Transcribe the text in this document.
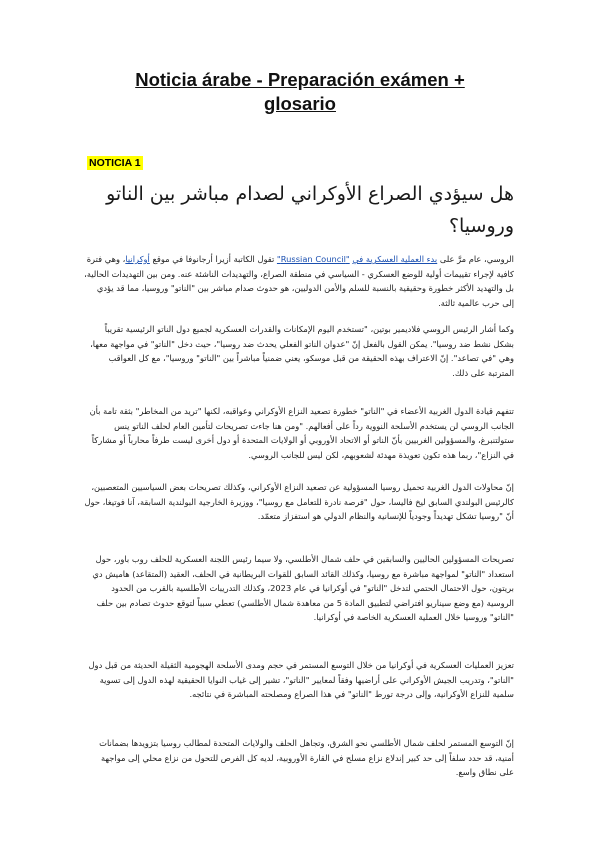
Noticia árabe - Preparación exámen +
glosario
NOTICIA 1
هل سيؤدي الصراع الأوكراني لصدام مباشر بين الناتو وروسيا؟

الروسي، عام مرَّ على بدء العملية العسكرية في "Russian Council" تقول الكاتبة أزيرا أرجانوفا في موقع أوكرانيا، وهي فترة كافية لإجراء تقييمات أولية للوضع العسكري - السياسي في منطقة الصراع، والتهديدات الناشئة عنه. ومن بين التهديدات الحالية، بل والتهديد الأكثر خطورة وحقيقية بالنسبة للسلم والأمن الدوليين، هو حدوث صدام مباشر بين "الناتو" وروسيا، مما قد يؤدي إلى حرب عالمية ثالثة.

وكما أشار الرئيس الروسي فلاديمير بوتين، "تستخدم اليوم الإمكانات والقدرات العسكرية لجميع دول الناتو الرئيسية تقريباً بشكل نشط ضد روسيا". يمكن القول بالفعل إنّ "عدوان الناتو الفعلي يحدث ضد روسيا"، حيث دخل "الناتو" في مواجهة معها، وهي "في تصاعد". إنّ الاعتراف بهذه الحقيقة من قبل موسكو، يعني ضمنياً مباشراً بين "الناتو" وروسيا"، مع كل العواقب المترتبة على ذلك.

تتفهم قيادة الدول الغربية الأعضاء في "الناتو" خطورة تصعيد النزاع الأوكراني وعواقبه، لكنها "تريد من المخاطر" بثقة تامة بأن الجانب الروسي لن يستخدم الأسلحة النووية رداً على أفعالهم. "ومن هنا جاءت تصريحات لتأمين العام لحلف الناتو ينس ستولتنبرغ، والمسؤولين الغربيين بأنّ الناتو أو الاتحاد الأوروبي أو الولايات المتحدة أو دول أخرى ليست طرفاً محارباً أو مشاركاً في النزاع"، ربما هذه تكون تعويذة مهدئة لشعوبهم، لكن ليس للجانب الروسي.

إنّ محاولات الدول الغربية تحميل روسيا المسؤولية عن تصعيد النزاع الأوكراني، وكذلك تصريحات بعض السياسيين المتعصبين، كالرئيس البولندي السابق ليخ فاليسا، حول "فرصة نادرة للتعامل مع روسيا"، ووزيرة الخارجية البولندية السابقة، آنا فوتيغا، حول أنّ "روسيا تشكل تهديداً وجودياً للإنسانية والنظام الدولي هو استفزاز متعمّد.

تصريحات المسؤولين الحاليين والسابقين في حلف شمال الأطلسي، ولا سيما رئيس اللجنة العسكرية للحلف روب باور، حول استعداد "الناتو" لمواجهة مباشرة مع روسيا، وكذلك القائد السابق للقوات البريطانية في الحلف، العقيد (المتقاعد) هاميش دي بريتون، حول الاحتمال الحتمي لتدخل "الناتو" في أوكرانيا في عام 2023، وكذلك التدريبات الأطلسية بالقرب من الحدود الروسية (مع وضع سيناريو افتراضي لتطبيق المادة 5 من معاهدة شمال الأطلسي) تعطي سبباً لتوقع حدوث تصادم بين حلف "الناتو" وروسيا خلال العملية العسكرية الخاصة في أوكرانيا.

تعزيز العمليات العسكرية في أوكرانيا من خلال التوسع المستمر في حجم ومدى الأسلحة الهجومية الثقيلة الحديثة من قبل دول "الناتو"، وتدريب الجيش الأوكراني على أراضيها وفقاً لمعايير "الناتو"، تشير إلى غياب النوايا الحقيقية لهذه الدول إلى تسوية سلمية للنزاع الأوكرانية، وإلى درجة تورط "الناتو" في هذا الصراع ومصلحته المباشرة في نتائجه.

إنّ التوسع المستمر لحلف شمال الأطلسي نحو الشرق، وتجاهل الحلف والولايات المتحدة لمطالب روسيا بتزويدها بضمانات أمنية، قد حدد سلفاً إلى حد كبير إندلاع نزاع مسلح في القارة الأوروبية، لديه كل الفرص للتحول من نزاع محلي إلى مواجهة على نطاق واسع.
